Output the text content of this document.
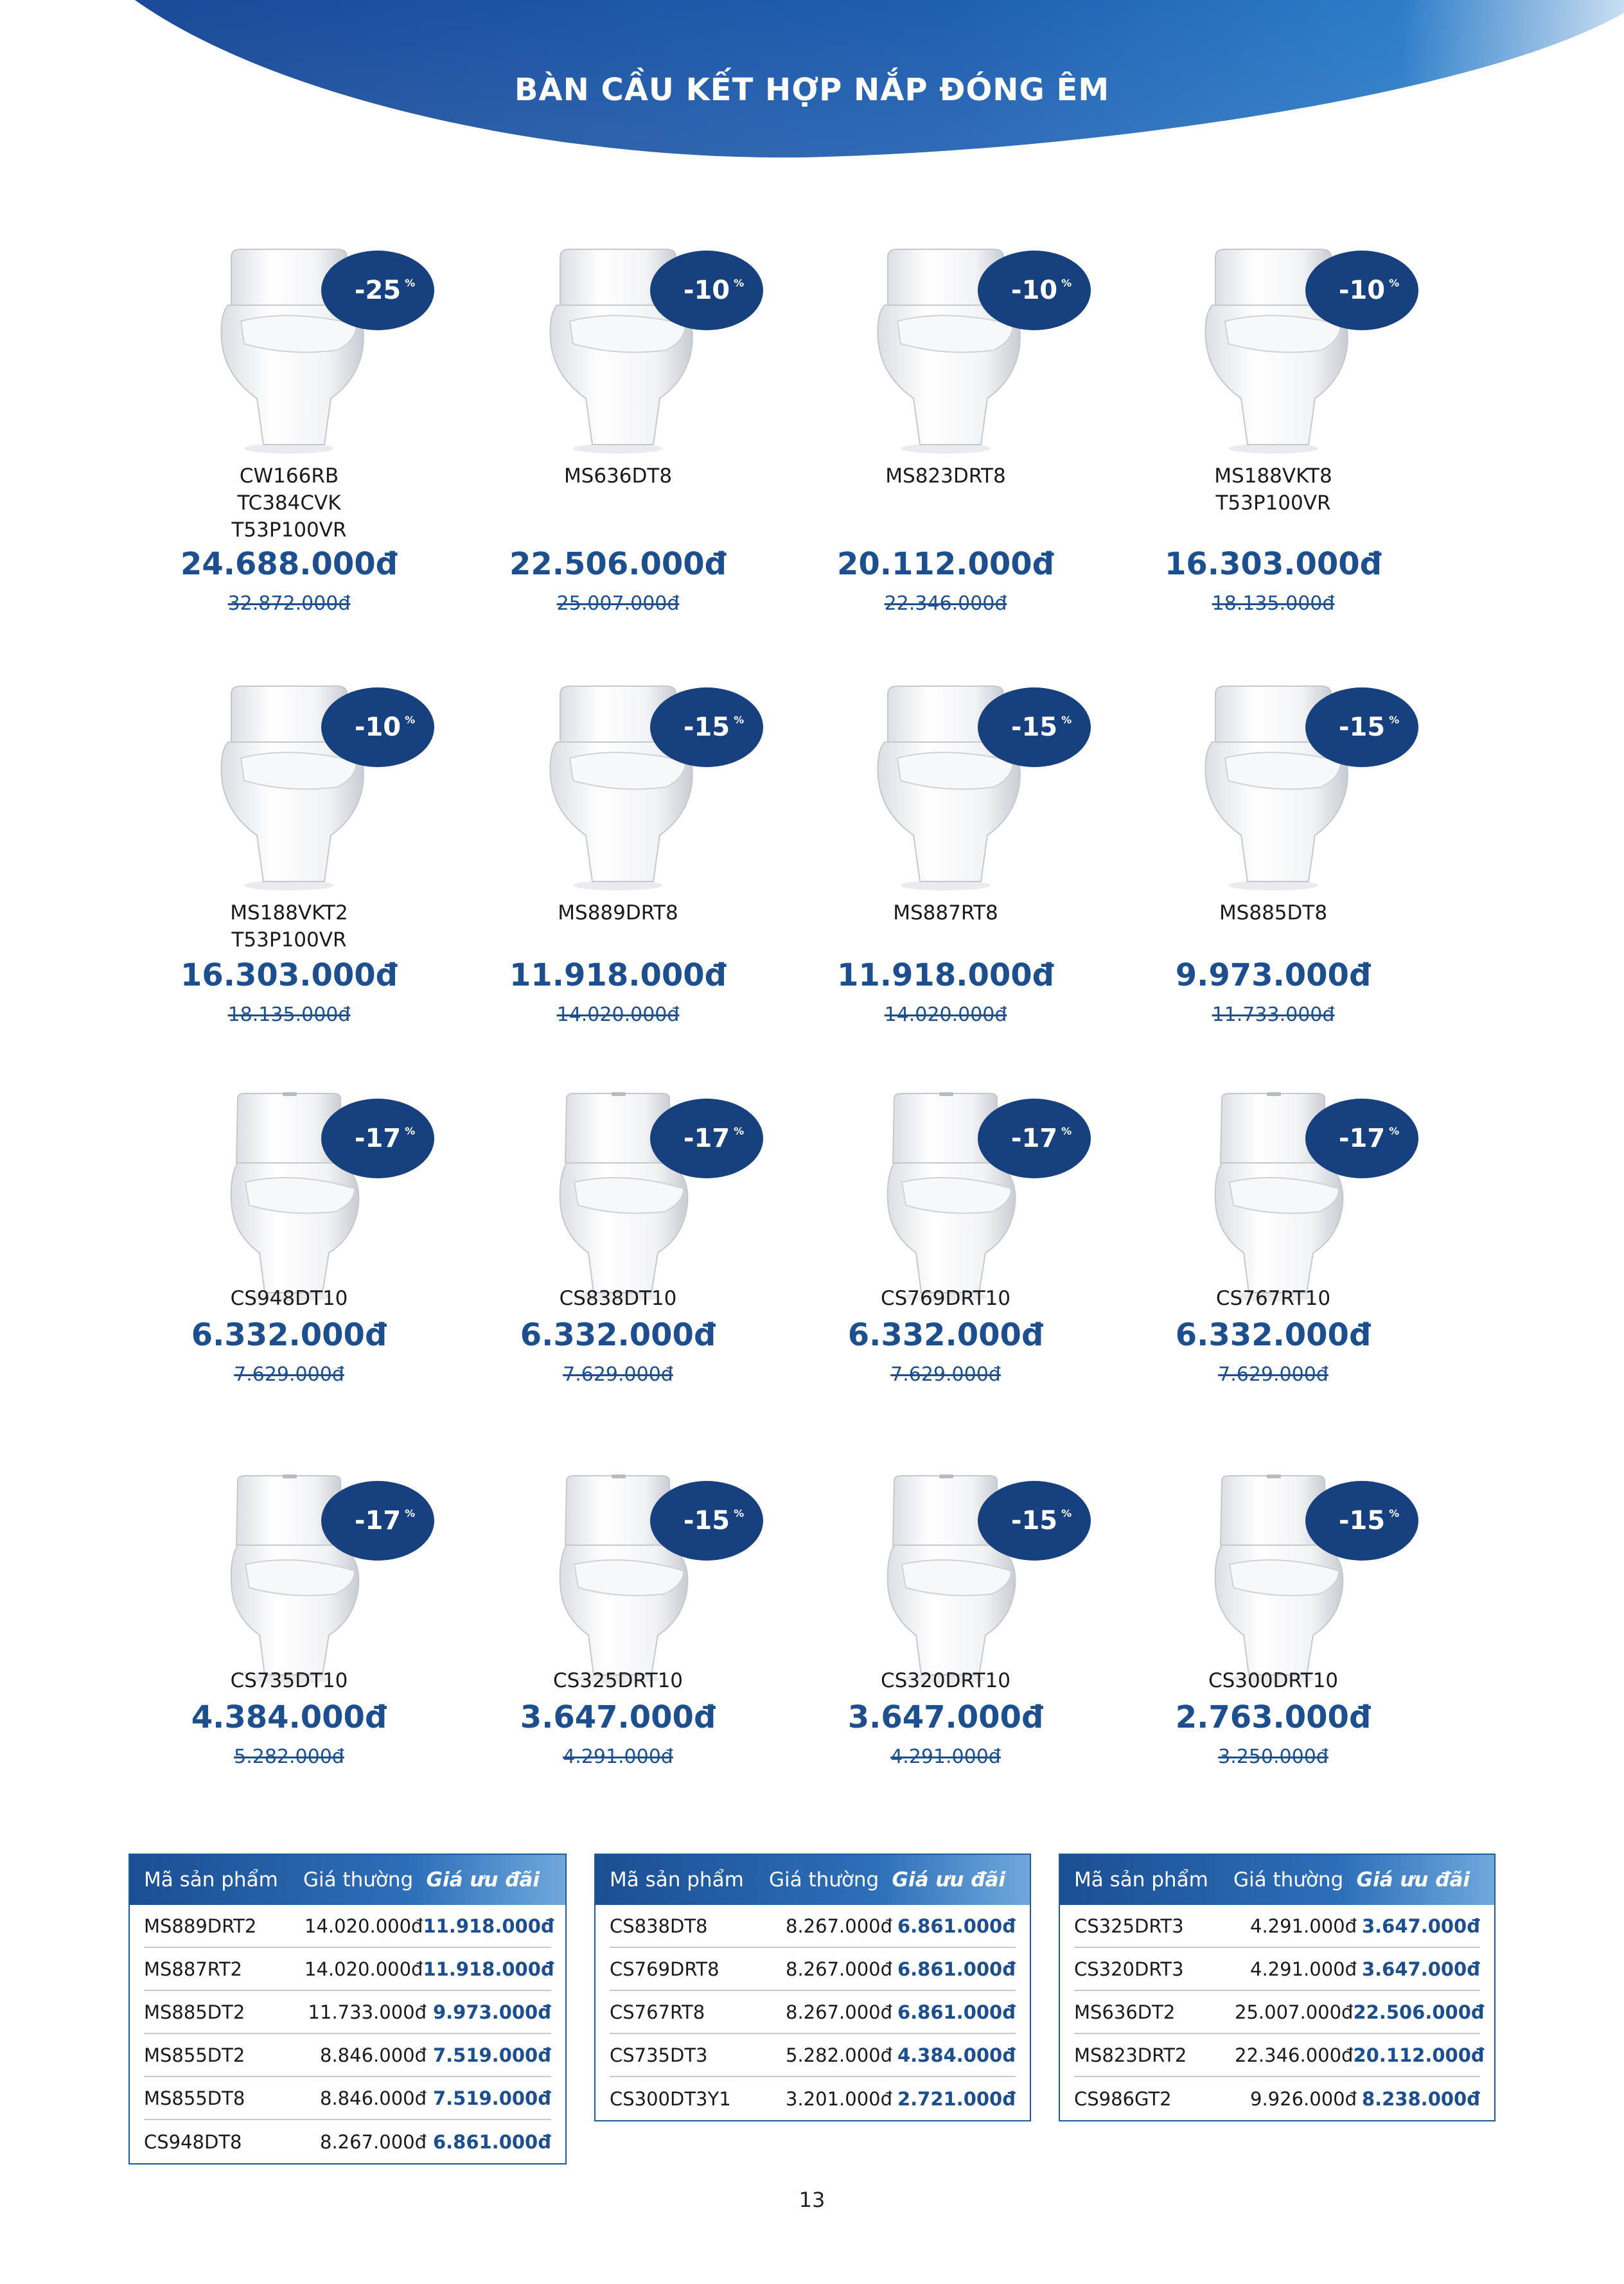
BÀN CẦU KẾT HỢP NẮP ĐÓNG ÊM
-25 %
CW166RB
TC384CVK
T53P100VR
24.688.000đ
32.872.000đ
-10 %
MS636DT8
22.506.000đ
25.007.000đ
-10 %
MS823DRT8
20.112.000đ
22.346.000đ
-10 %
MS188VKT8
T53P100VR
16.303.000đ
18.135.000đ
-10 %
MS188VKT2
T53P100VR
16.303.000đ
18.135.000đ
-15 %
MS889DRT8
11.918.000đ
14.020.000đ
-15 %
MS887RT8
11.918.000đ
14.020.000đ
-15 %
MS885DT8
9.973.000đ
11.733.000đ
-17 %
CS948DT10
6.332.000đ
7.629.000đ
-17 %
CS838DT10
6.332.000đ
7.629.000đ
-17 %
CS769DRT10
6.332.000đ
7.629.000đ
-17 %
CS767RT10
6.332.000đ
7.629.000đ
-17 %
CS735DT10
4.384.000đ
5.282.000đ
-15 %
CS325DRT10
3.647.000đ
4.291.000đ
-15 %
CS320DRT10
3.647.000đ
4.291.000đ
-15 %
CS300DRT10
2.763.000đ
3.250.000đ
Mã sản phẩm	Giá thường Giá ưu đãi
MS889DRT2	14.020.000đ 11.918.000đ
MS887RT2	14.020.000đ 11.918.000đ
MS885DT2	11.733.000đ 9.973.000đ
MS855DT2	8.846.000đ 7.519.000đ
MS855DT8	8.846.000đ 7.519.000đ
CS948DT8	8.267.000đ 6.861.000đ
Mã sản phẩm	Giá thường Giá ưu đãi
CS838DT8	8.267.000đ 6.861.000đ
CS769DRT8	8.267.000đ 6.861.000đ
CS767RT8	8.267.000đ 6.861.000đ
CS735DT3	5.282.000đ 4.384.000đ
CS300DT3Y1	3.201.000đ 2.721.000đ
Mã sản phẩm	Giá thường Giá ưu đãi
CS325DRT3	4.291.000đ 3.647.000đ
CS320DRT3	4.291.000đ 3.647.000đ
MS636DT2	25.007.000đ 22.506.000đ
MS823DRT2	22.346.000đ 20.112.000đ
CS986GT2	9.926.000đ 8.238.000đ
13
